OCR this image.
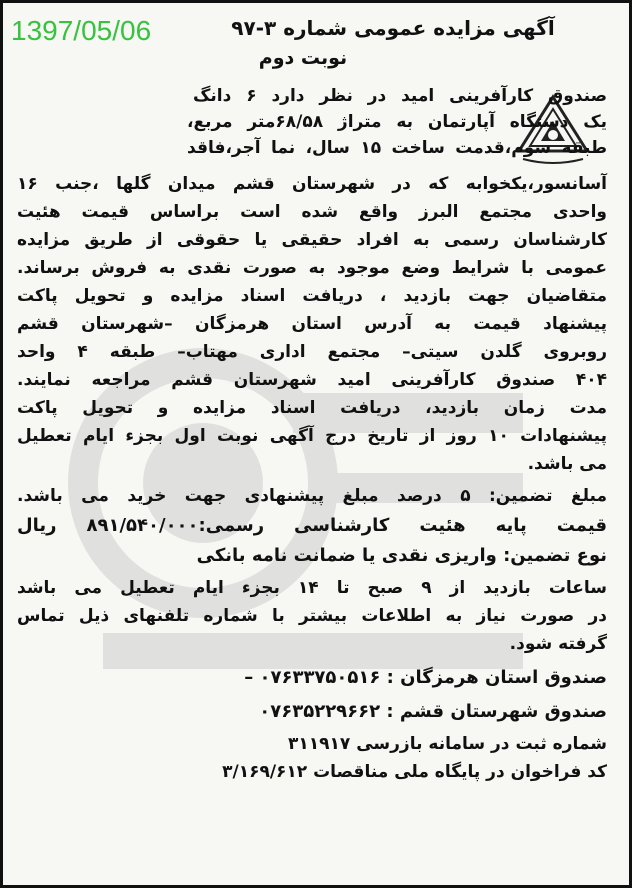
1397/05/06	آگهی مزایده عمومی شماره ۳-۹۷
نوبت دوم
صندوق کارآفرینی امید در نظر دارد ۶ دانگ
یک دستگاه آپارتمان به متراژ ۶۸/۵۸متر مربع،
طبقه سوم،قدمت ساخت ۱۵ سال، نما آجر،فاقد
آسانسور،یکخوابه که در شهرستان قشم میدان گلها ،جنب ۱۶
واحدی مجتمع البرز واقع شده است براساس قیمت هئیت
کارشناسان رسمی به افراد حقیقی یا حقوقی از طریق مزایده
عمومی با شرایط وضع موجود به صورت نقدی به فروش برساند.
متقاضیان جهت بازدید ، دریافت اسناد مزایده و تحویل پاکت
پیشنهاد قیمت به آدرس استان هرمزگان –شهرستان قشم
روبروی گلدن سیتی– مجتمع اداری مهتاب– طبقه ۴ واحد
۴۰۴ صندوق کارآفرینی امید شهرستان قشم مراجعه نمایند.
مدت زمان بازدید، دریافت اسناد مزایده و تحویل پاکت
پیشنهادات ۱۰ روز از تاریخ درج آگهی نوبت اول بجزء ایام تعطیل
می باشد.
مبلغ تضمین: ۵ درصد مبلغ پیشنهادی جهت خرید می باشد.
قیمت پایه هئیت کارشناسی رسمی:۸۹۱/۵۴۰/۰۰۰ ریال
نوع تضمین: واریزی نقدی یا ضمانت نامه بانکی
ساعات بازدید از ۹ صبح تا ۱۴ بجزء ایام تعطیل می باشد
در صورت نیاز به اطلاعات بیشتر با شماره تلفنهای ذیل تماس
گرفته شود.
صندوق استان هرمزگان : ۰۷۶۳۳۷۵۰۵۱۶ –
صندوق شهرستان قشم : ۰۷۶۳۵۲۲۹۶۶۲
شماره ثبت در سامانه بازرسی ۳۱۱۹۱۷
کد فراخوان در پایگاه ملی مناقصات ۳/۱۶۹/۶۱۲
